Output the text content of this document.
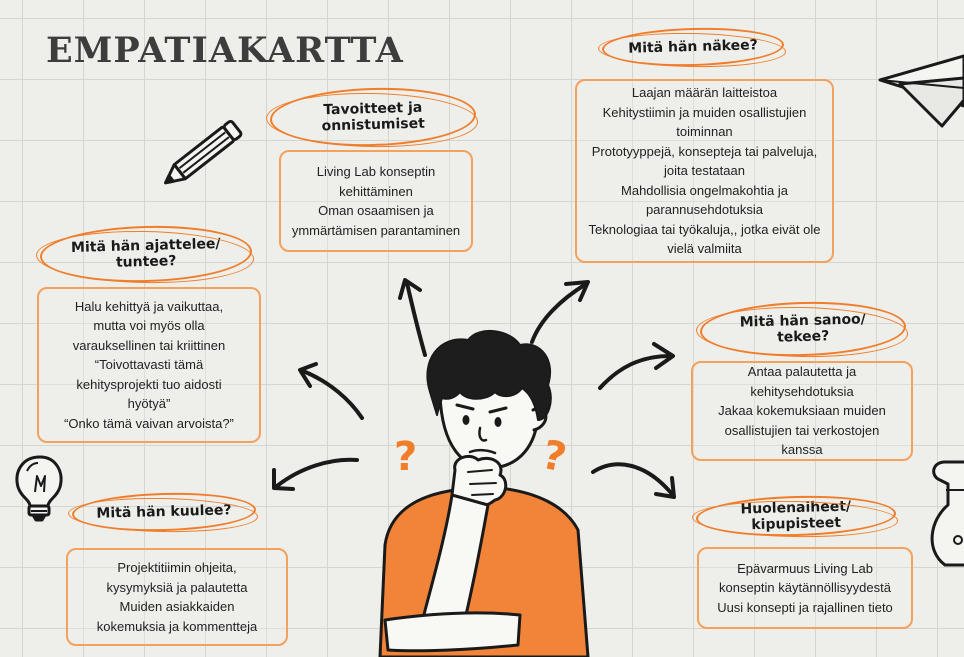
EMPATIAKARTTA
?	?
Tavoitteet ja
onnistumiset
Living Lab konseptin
kehittäminen
Oman osaamisen ja
ymmärtämisen parantaminen
Mitä hän näkee?
Laajan määrän laitteistoa
Kehitystiimin ja muiden osallistujien
toiminnan
Prototyyppejä, konsepteja tai palveluja,
joita testataan
Mahdollisia ongelmakohtia ja
parannusehdotuksia
Teknologiaa tai työkaluja,, jotka eivät ole
vielä valmiita
Mitä hän ajattelee/
tuntee?
Halu kehittyä ja vaikuttaa,
mutta voi myös olla
varauksellinen tai kriittinen
“Toivottavasti tämä
kehitysprojekti tuo aidosti
hyötyä”
“Onko tämä vaivan arvoista?”
Mitä hän sanoo/
tekee?
Antaa palautetta ja
kehitysehdotuksia
Jakaa kokemuksiaan muiden
osallistujien tai verkostojen
kanssa
Mitä hän kuulee?
Projektitiimin ohjeita,
kysymyksiä ja palautetta
Muiden asiakkaiden
kokemuksia ja kommentteja
Huolenaiheet/ kipupisteet
Epävarmuus Living Lab
konseptin käytännöllisyydestä
Uusi konsepti ja rajallinen tieto
